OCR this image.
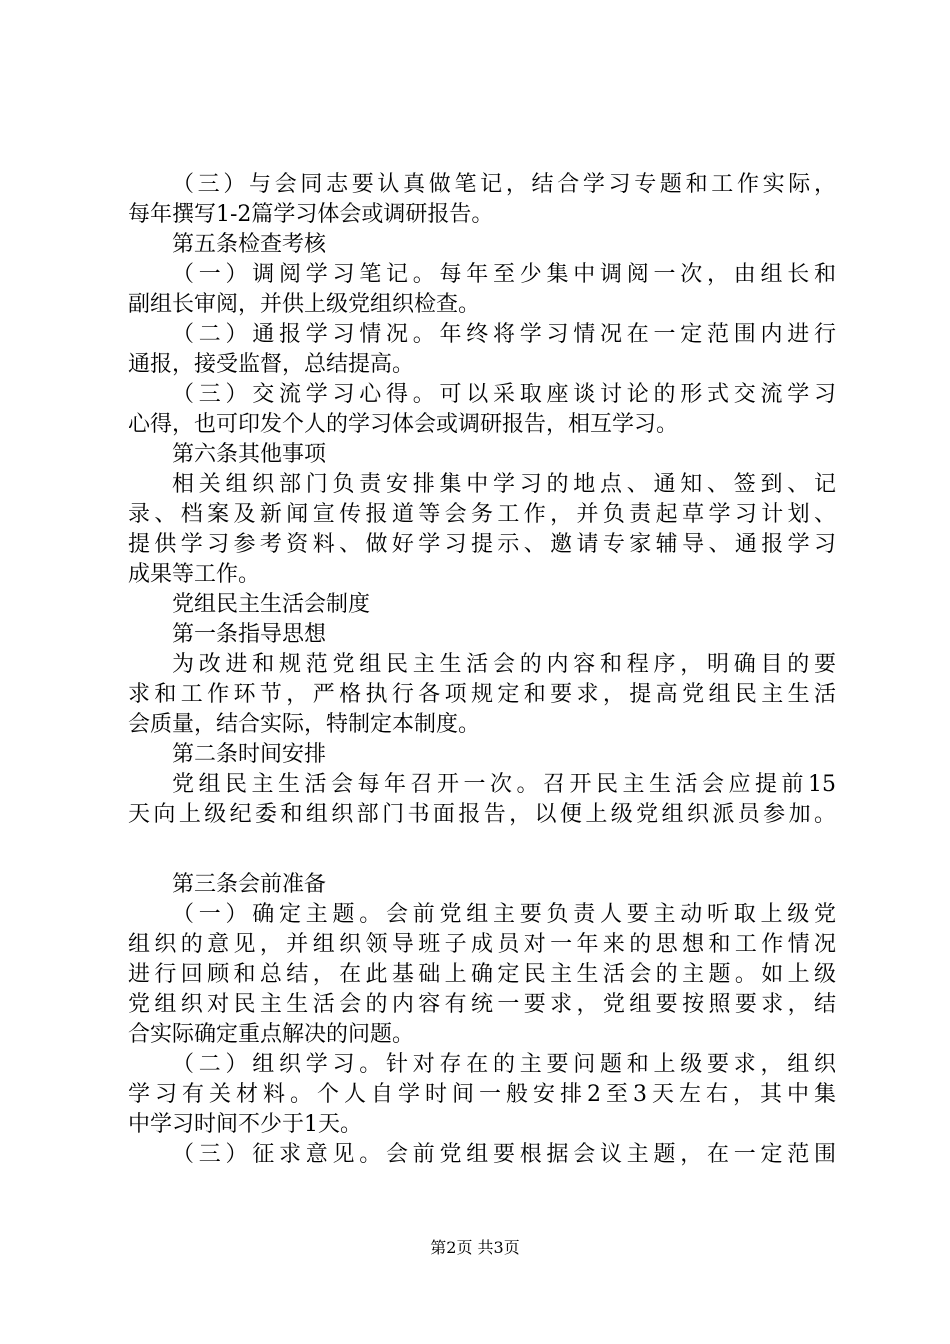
（三）与会同志要认真做笔记，结合学习专题和工作实际，
每年撰写1-2篇学习体会或调研报告。
第五条检查考核
（一）调阅学习笔记。每年至少集中调阅一次，由组长和
副组长审阅，并供上级党组织检查。
（二）通报学习情况。年终将学习情况在一定范围内进行
通报，接受监督，总结提高。
（三）交流学习心得。可以采取座谈讨论的形式交流学习
心得，也可印发个人的学习体会或调研报告，相互学习。
第六条其他事项
相关组织部门负责安排集中学习的地点、通知、签到、记
录、档案及新闻宣传报道等会务工作，并负责起草学习计划、
提供学习参考资料、做好学习提示、邀请专家辅导、通报学习
成果等工作。
党组民主生活会制度
第一条指导思想
为改进和规范党组民主生活会的内容和程序，明确目的要
求和工作环节，严格执行各项规定和要求，提高党组民主生活
会质量，结合实际，特制定本制度。
第二条时间安排
党组民主生活会每年召开一次。召开民主生活会应提前15
天向上级纪委和组织部门书面报告，以便上级党组织派员参加。
第三条会前准备
（一）确定主题。会前党组主要负责人要主动听取上级党
组织的意见，并组织领导班子成员对一年来的思想和工作情况
进行回顾和总结，在此基础上确定民主生活会的主题。如上级
党组织对民主生活会的内容有统一要求，党组要按照要求，结
合实际确定重点解决的问题。
（二）组织学习。针对存在的主要问题和上级要求，组织
学习有关材料。个人自学时间一般安排2至3天左右，其中集
中学习时间不少于1天。
（三）征求意见。会前党组要根据会议主题，在一定范围
第2页 共3页
